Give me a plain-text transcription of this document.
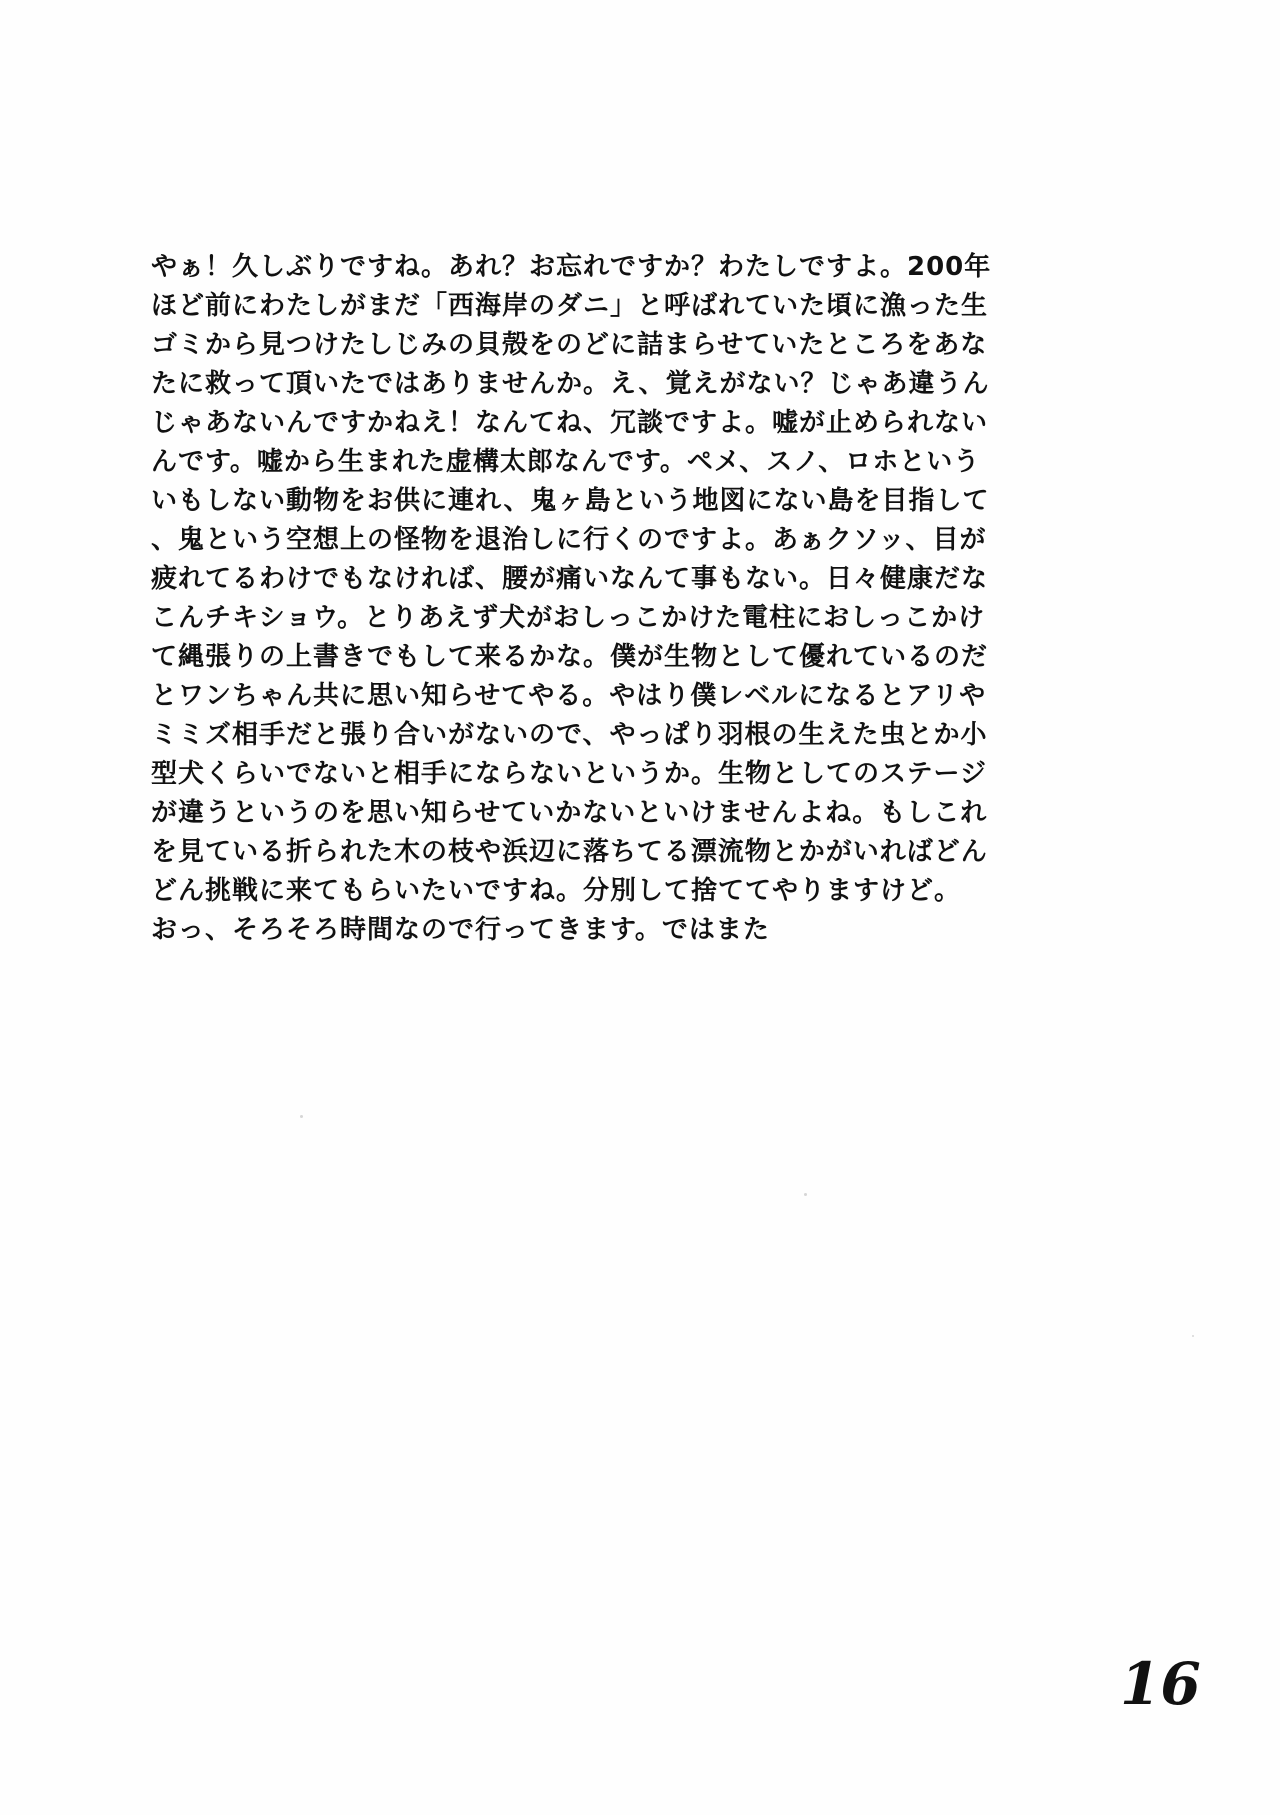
やぁ！久しぶりですね。あれ？お忘れですか？わたしですよ。200年
ほど前にわたしがまだ「西海岸のダニ」と呼ばれていた頃に漁った生
ゴミから見つけたしじみの貝殻をのどに詰まらせていたところをあな
たに救って頂いたではありませんか。え、覚えがない？じゃあ違うん
じゃあないんですかねえ！なんてね、冗談ですよ。嘘が止められない
んです。嘘から生まれた虚構太郎なんです。ペメ、スノ、ロホという
いもしない動物をお供に連れ、鬼ヶ島という地図にない島を目指して
、鬼という空想上の怪物を退治しに行くのですよ。あぁクソッ、目が
疲れてるわけでもなければ、腰が痛いなんて事もない。日々健康だな
こんチキショウ。とりあえず犬がおしっこかけた電柱におしっこかけ
て縄張りの上書きでもして来るかな。僕が生物として優れているのだ
とワンちゃん共に思い知らせてやる。やはり僕レベルになるとアリや
ミミズ相手だと張り合いがないので、やっぱり羽根の生えた虫とか小
型犬くらいでないと相手にならないというか。生物としてのステージ
が違うというのを思い知らせていかないといけませんよね。もしこれ
を見ている折られた木の枝や浜辺に落ちてる漂流物とかがいればどん
どん挑戦に来てもらいたいですね。分別して捨ててやりますけど。
おっ、そろそろ時間なので行ってきます。ではまた
16
